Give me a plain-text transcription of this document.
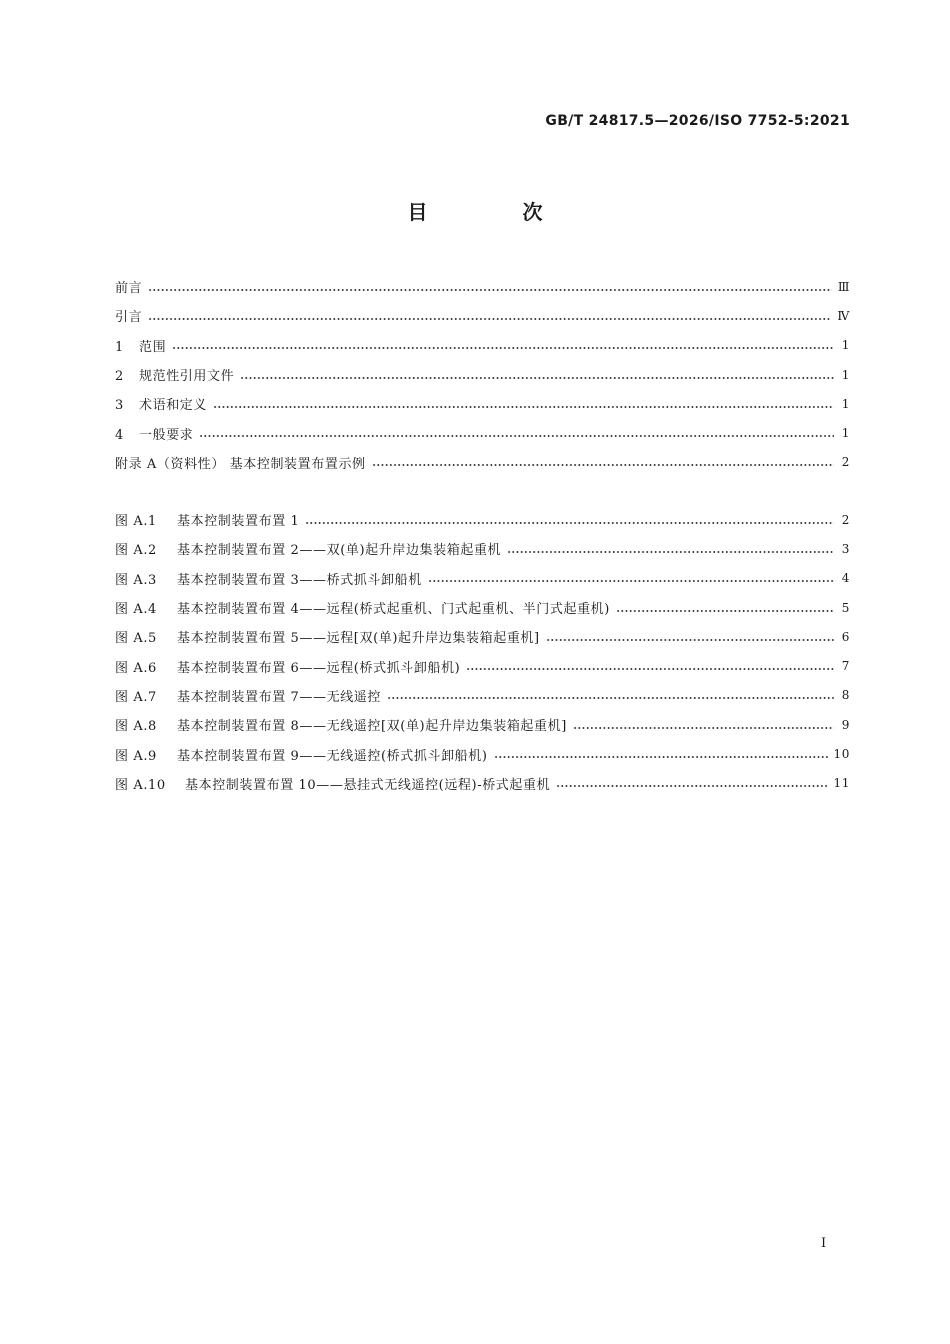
GB/T 24817.5—2026/ISO 7752-5:2021
目 次
前言	Ⅲ
引言	Ⅳ
1 范围	1
2 规范性引用文件	1
3 术语和定义	1
4 一般要求	1
附录 A（资料性） 基本控制装置布置示例	2
图 A.1 基本控制装置布置 1	2
图 A.2 基本控制装置布置 2——双(单)起升岸边集装箱起重机	3
图 A.3 基本控制装置布置 3——桥式抓斗卸船机	4
图 A.4 基本控制装置布置 4——远程(桥式起重机、门式起重机、半门式起重机)	5
图 A.5 基本控制装置布置 5——远程[双(单)起升岸边集装箱起重机]	6
图 A.6 基本控制装置布置 6——远程(桥式抓斗卸船机)	7
图 A.7 基本控制装置布置 7——无线遥控	8
图 A.8 基本控制装置布置 8——无线遥控[双(单)起升岸边集装箱起重机]	9
图 A.9 基本控制装置布置 9——无线遥控(桥式抓斗卸船机)	10
图 A.10 基本控制装置布置 10——悬挂式无线遥控(远程)-桥式起重机	11
I
